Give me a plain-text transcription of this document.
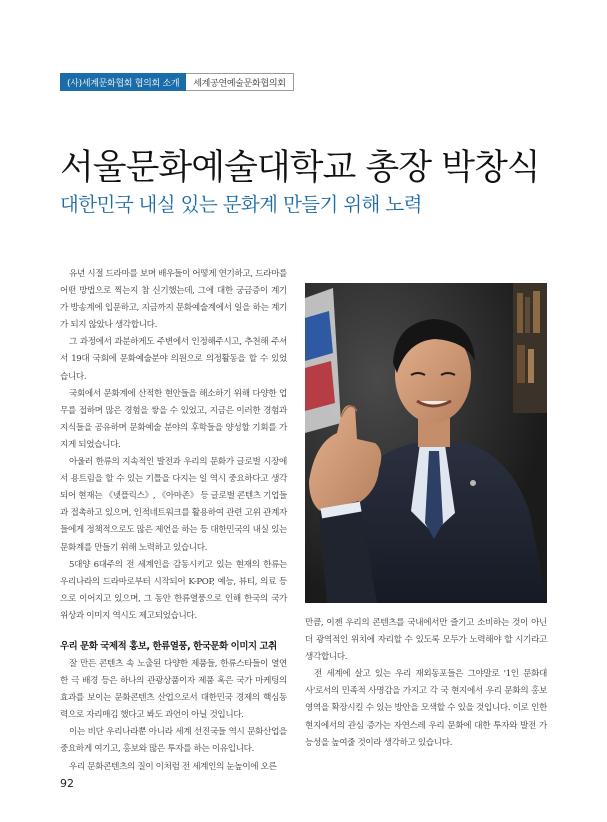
(사)세계문화협회 협의회 소개	세계공연예술문화협의회
서울문화예술대학교 총장 박창식
대한민국 내실 있는 문화계 만들기 위해 노력

유년 시절 드라마를 보며 배우들이 어떻게 연기하고, 드라마를 어떤 방법으로 찍는지 참 신기했는데, 그에 대한 궁금증이 계기가 방송계에 입문하고, 지금까지 문화예술계에서 일을 하는 계기가 되지 않았나 생각합니다.

그 과정에서 과분하게도 주변에서 인정해주시고, 추천해 주셔서 19대 국회에 문화예술분야 의원으로 의정활동을 할 수 있었습니다.

국회에서 문화계에 산적한 현안들을 해소하기 위해 다양한 업무를 접하며 많은 경험을 쌓을 수 있었고, 지금은 이러한 경험과 지식들을 공유하며 문화예술 분야의 후학들을 양성할 기회를 가지게 되었습니다.

아울러 한류의 지속적인 발전과 우리의 문화가 글로벌 시장에서 용트림을 할 수 있는 기틀을 다지는 일 역시 중요하다고 생각되어 현재는 《넷플릭스》, 《아마존》 등 글로벌 콘텐츠 기업들과 접촉하고 있으며, 인적네트워크를 활용하여 관련 고위 관계자들에게 정책적으로도 많은 제언을 하는 등 대한민국의 내실 있는 문화계를 만들기 위해 노력하고 있습니다.

5대양 6대주의 전 세계인을 감동시키고 있는 현재의 한류는 우리나라의 드라마로부터 시작되어 K-POP, 예능, 뷰티, 의료 등으로 이어지고 있으며, 그 동안 한류열풍으로 인해 한국의 국가위상과 이미지 역시도 제고되었습니다.

우리 문화 국제적 홍보, 한류열풍, 한국문화 이미지 고취

잘 만든 콘텐츠 속 노출된 다양한 제품들, 한류스타들이 열연한 극 배경 등은 하나의 관광상품이자 제품 혹은 국가 마케팅의 효과를 보이는 문화콘텐츠 산업으로서 대한민국 경제의 핵심동력으로 자리매김 했다고 봐도 과언이 아닐 것입니다.

이는 비단 우리나라뿐 아니라 세계 선진국들 역시 문화산업을 중요하게 여기고, 홍보와 많은 투자를 하는 이유입니다.

우리 문화콘텐츠의 질이 이처럼 전 세계인의 눈높이에 오른

만큼, 이젠 우리의 콘텐츠를 국내에서만 즐기고 소비하는 것이 아닌 더 광역적인 위치에 자리할 수 있도록 모두가 노력해야 할 시기라고 생각합니다.

전 세계에 살고 있는 우리 재외동포들은 그야말로 '1인 문화대사'로서의 민족적 사명감을 가지고 각 국 현지에서 우리 문화의 홍보영역을 확장시킬 수 있는 방안을 모색할 수 있을 것입니다. 이로 인한 현지에서의 관심 증가는 자연스레 우리 문화에 대한 투자와 발전 가능성을 높여줄 것이라 생각하고 있습니다.

92
